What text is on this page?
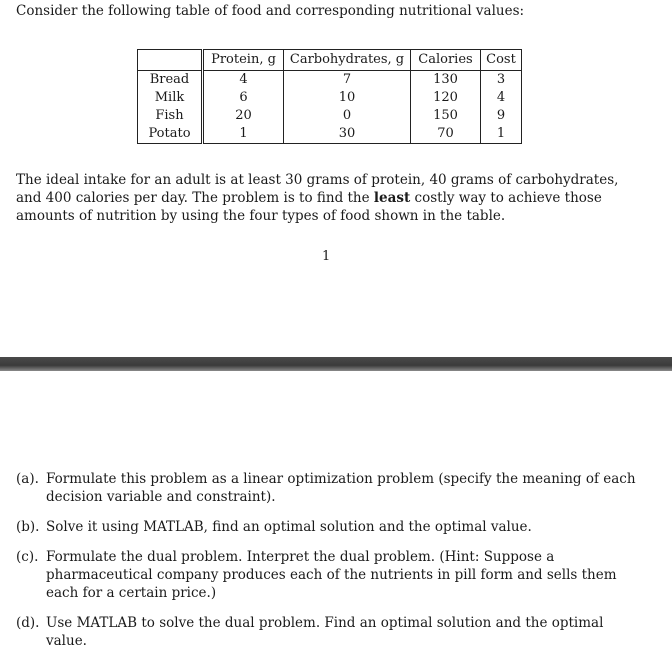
Consider the following table of food and corresponding nutritional values:
	Protein, g	Carbohydrates, g	Calories	Cost
Bread	4	7	130	3
Milk	6	10	120	4
Fish	20	0	150	9
Potato	1	30	70	1
The ideal intake for an adult is at least 30 grams of protein, 40 grams of carbohydrates, and 400 calories per day. The problem is to find the least costly way to achieve those amounts of nutrition by using the four types of food shown in the table.
1
(a). Formulate this problem as a linear optimization problem (specify the meaning of each decision variable and constraint).
(b). Solve it using MATLAB, find an optimal solution and the optimal value.
(c). Formulate the dual problem. Interpret the dual problem. (Hint: Suppose a pharmaceutical company produces each of the nutrients in pill form and sells them each for a certain price.)
(d). Use MATLAB to solve the dual problem. Find an optimal solution and the optimal value.
